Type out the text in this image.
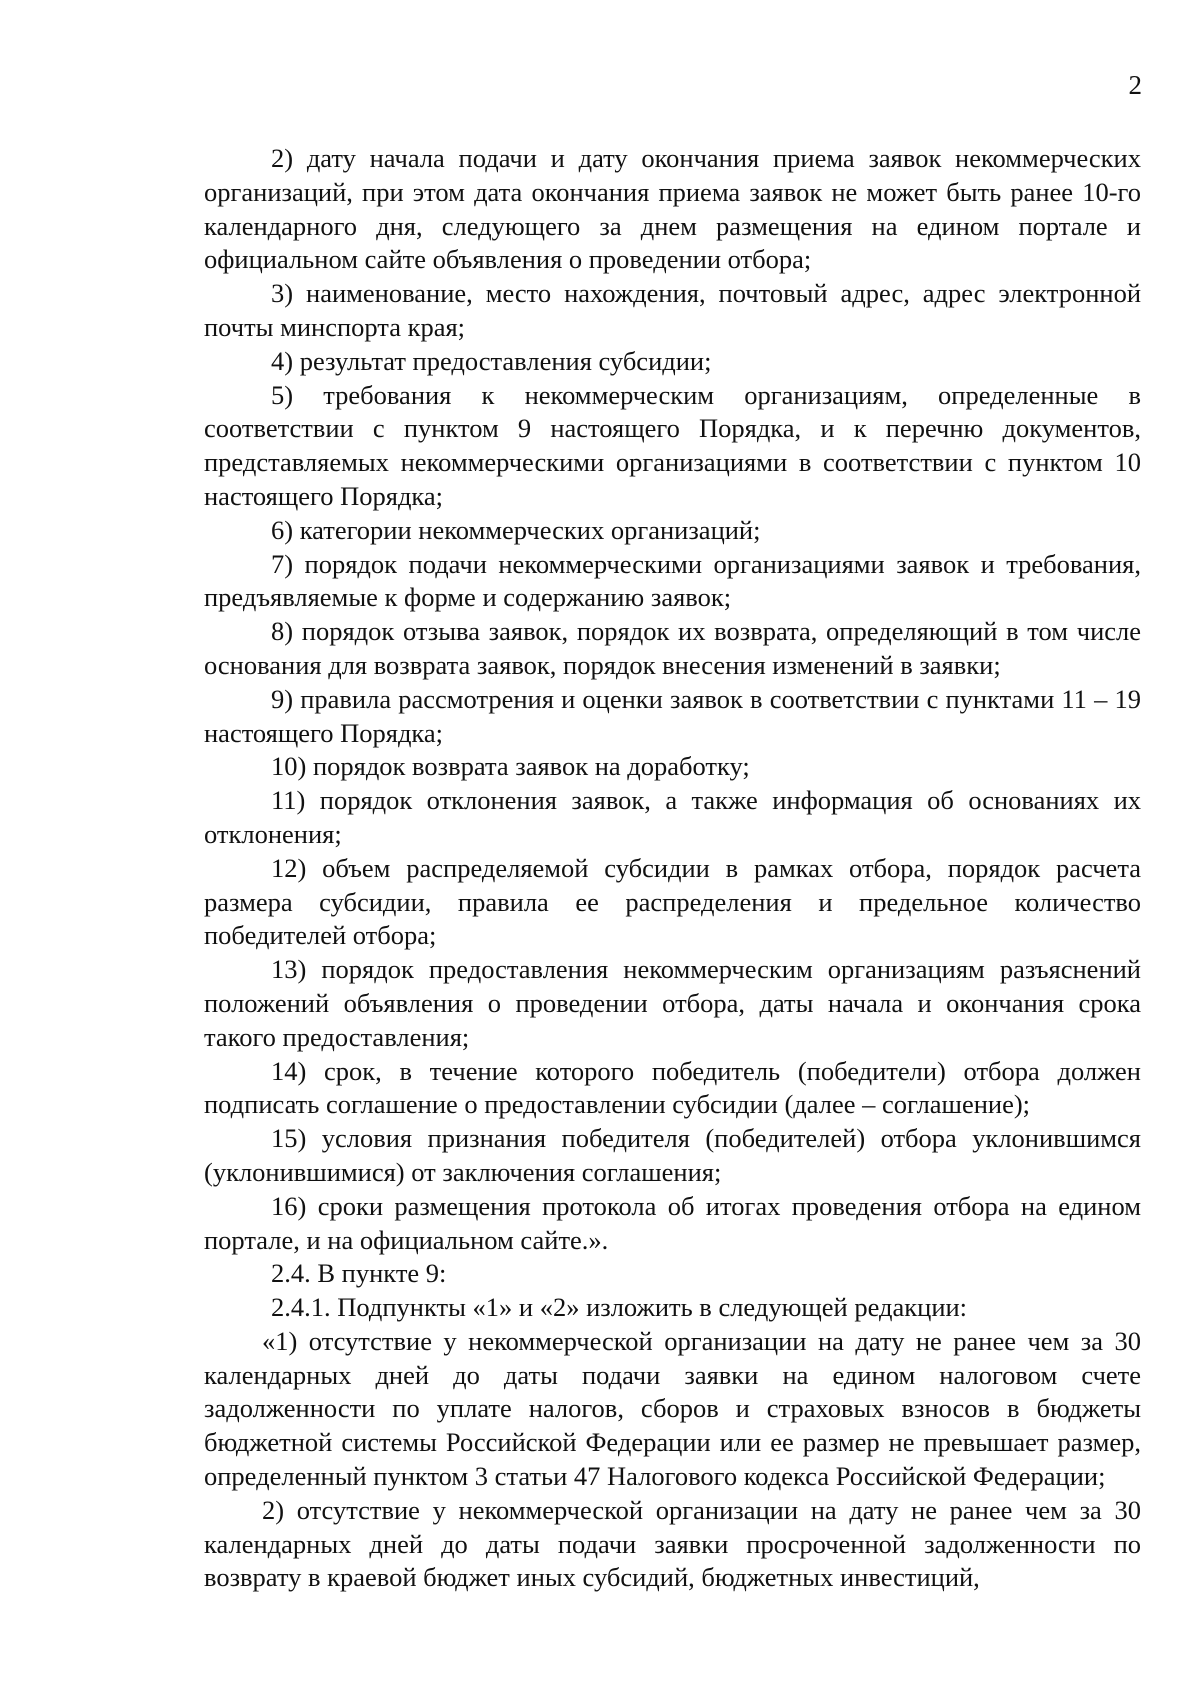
2

2) дату начала подачи и дату окончания приема заявок некоммерческих организаций, при этом дата окончания приема заявок не может быть ранее 10-го календарного дня, следующего за днем размещения на едином портале и официальном сайте объявления о проведении отбора;

3) наименование, место нахождения, почтовый адрес, адрес электронной почты минспорта края;

4) результат предоставления субсидии;

5) требования к некоммерческим организациям, определенные в соответствии с пунктом 9 настоящего Порядка, и к перечню документов, представляемых некоммерческими организациями в соответствии с пунктом 10 настоящего Порядка;

6) категории некоммерческих организаций;

7) порядок подачи некоммерческими организациями заявок и требования, предъявляемые к форме и содержанию заявок;

8) порядок отзыва заявок, порядок их возврата, определяющий в том числе основания для возврата заявок, порядок внесения изменений в заявки;

9) правила рассмотрения и оценки заявок в соответствии с пунктами 11 – 19 настоящего Порядка;

10) порядок возврата заявок на доработку;

11) порядок отклонения заявок, а также информация об основаниях их отклонения;

12) объем распределяемой субсидии в рамках отбора, порядок расчета размера субсидии, правила ее распределения и предельное количество победителей отбора;

13) порядок предоставления некоммерческим организациям разъяснений положений объявления о проведении отбора, даты начала и окончания срока такого предоставления;

14) срок, в течение которого победитель (победители) отбора должен подписать соглашение о предоставлении субсидии (далее – соглашение);

15) условия признания победителя (победителей) отбора уклонившимся (уклонившимися) от заключения соглашения;

16) сроки размещения протокола об итогах проведения отбора на едином портале, и на официальном сайте.».

2.4. В пункте 9:

2.4.1. Подпункты «1» и «2» изложить в следующей редакции:

«1) отсутствие у некоммерческой организации на дату не ранее чем за 30 календарных дней до даты подачи заявки на едином налоговом счете задолженности по уплате налогов, сборов и страховых взносов в бюджеты бюджетной системы Российской Федерации или ее размер не превышает размер, определенный пунктом 3 статьи 47 Налогового кодекса Российской Федерации;

2) отсутствие у некоммерческой организации на дату не ранее чем за 30 календарных дней до даты подачи заявки просроченной задолженности по возврату в краевой бюджет иных субсидий, бюджетных инвестиций,
